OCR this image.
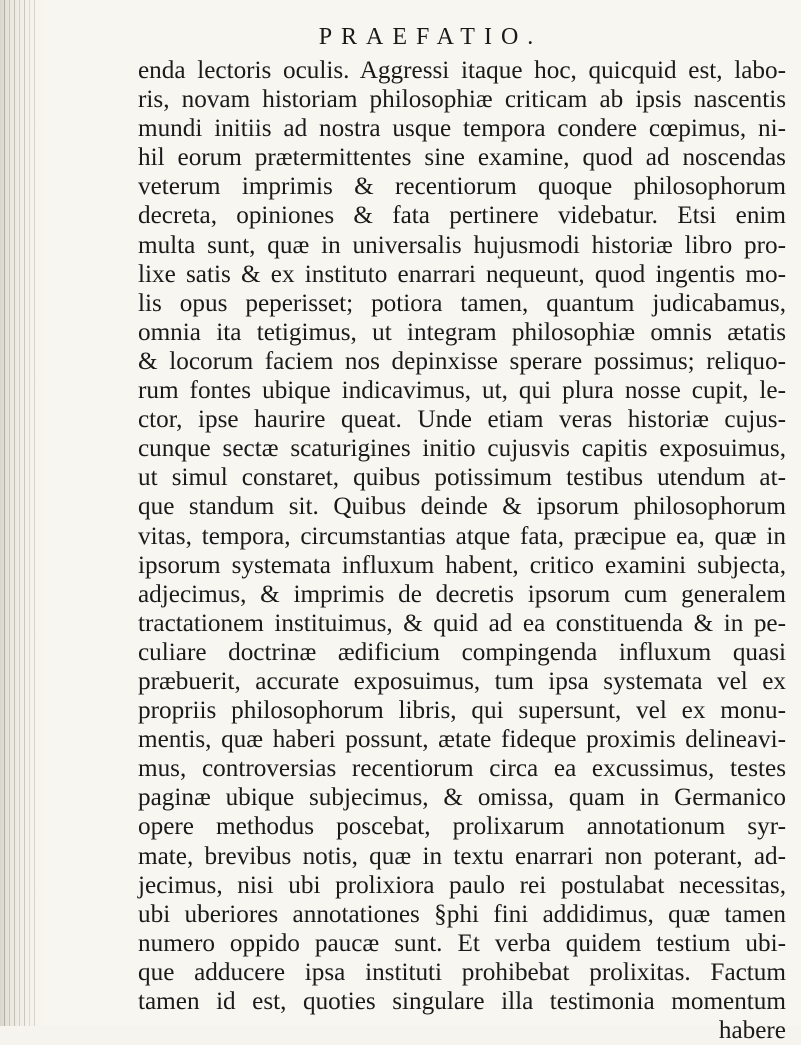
PRAEFATIO.
enda lectoris oculis. Aggressi itaque hoc, quicquid est, labo-
ris, novam historiam philosophiæ criticam ab ipsis nascentis
mundi initiis ad nostra usque tempora condere cœpimus, ni-
hil eorum prætermittentes sine examine, quod ad noscendas
veterum imprimis & recentiorum quoque philosophorum
decreta, opiniones & fata pertinere videbatur. Etsi enim
multa sunt, quæ in universalis hujusmodi historiæ libro pro-
lixe satis & ex instituto enarrari nequeunt, quod ingentis mo-
lis opus peperisset; potiora tamen, quantum judicabamus,
omnia ita tetigimus, ut integram philosophiæ omnis ætatis
& locorum faciem nos depinxisse sperare possimus; reliquo-
rum fontes ubique indicavimus, ut, qui plura nosse cupit, le-
ctor, ipse haurire queat. Unde etiam veras historiæ cujus-
cunque sectæ scaturigines initio cujusvis capitis exposuimus,
ut simul constaret, quibus potissimum testibus utendum at-
que standum sit. Quibus deinde & ipsorum philosophorum
vitas, tempora, circumstantias atque fata, præcipue ea, quæ in
ipsorum systemata influxum habent, critico examini subjecta,
adjecimus, & imprimis de decretis ipsorum cum generalem
tractationem instituimus, & quid ad ea constituenda & in pe-
culiare doctrinæ ædificium compingenda influxum quasi
præbuerit, accurate exposuimus, tum ipsa systemata vel ex
propriis philosophorum libris, qui supersunt, vel ex monu-
mentis, quæ haberi possunt, ætate fideque proximis delineavi-
mus, controversias recentiorum circa ea excussimus, testes
paginæ ubique subjecimus, & omissa, quam in Germanico
opere methodus poscebat, prolixarum annotationum syr-
mate, brevibus notis, quæ in textu enarrari non poterant, ad-
jecimus, nisi ubi prolixiora paulo rei postulabat necessitas,
ubi uberiores annotationes §phi fini addidimus, quæ tamen
numero oppido paucæ sunt. Et verba quidem testium ubi-
que adducere ipsa instituti prohibebat prolixitas. Factum
tamen id est, quoties singulare illa testimonia momentum
habere
